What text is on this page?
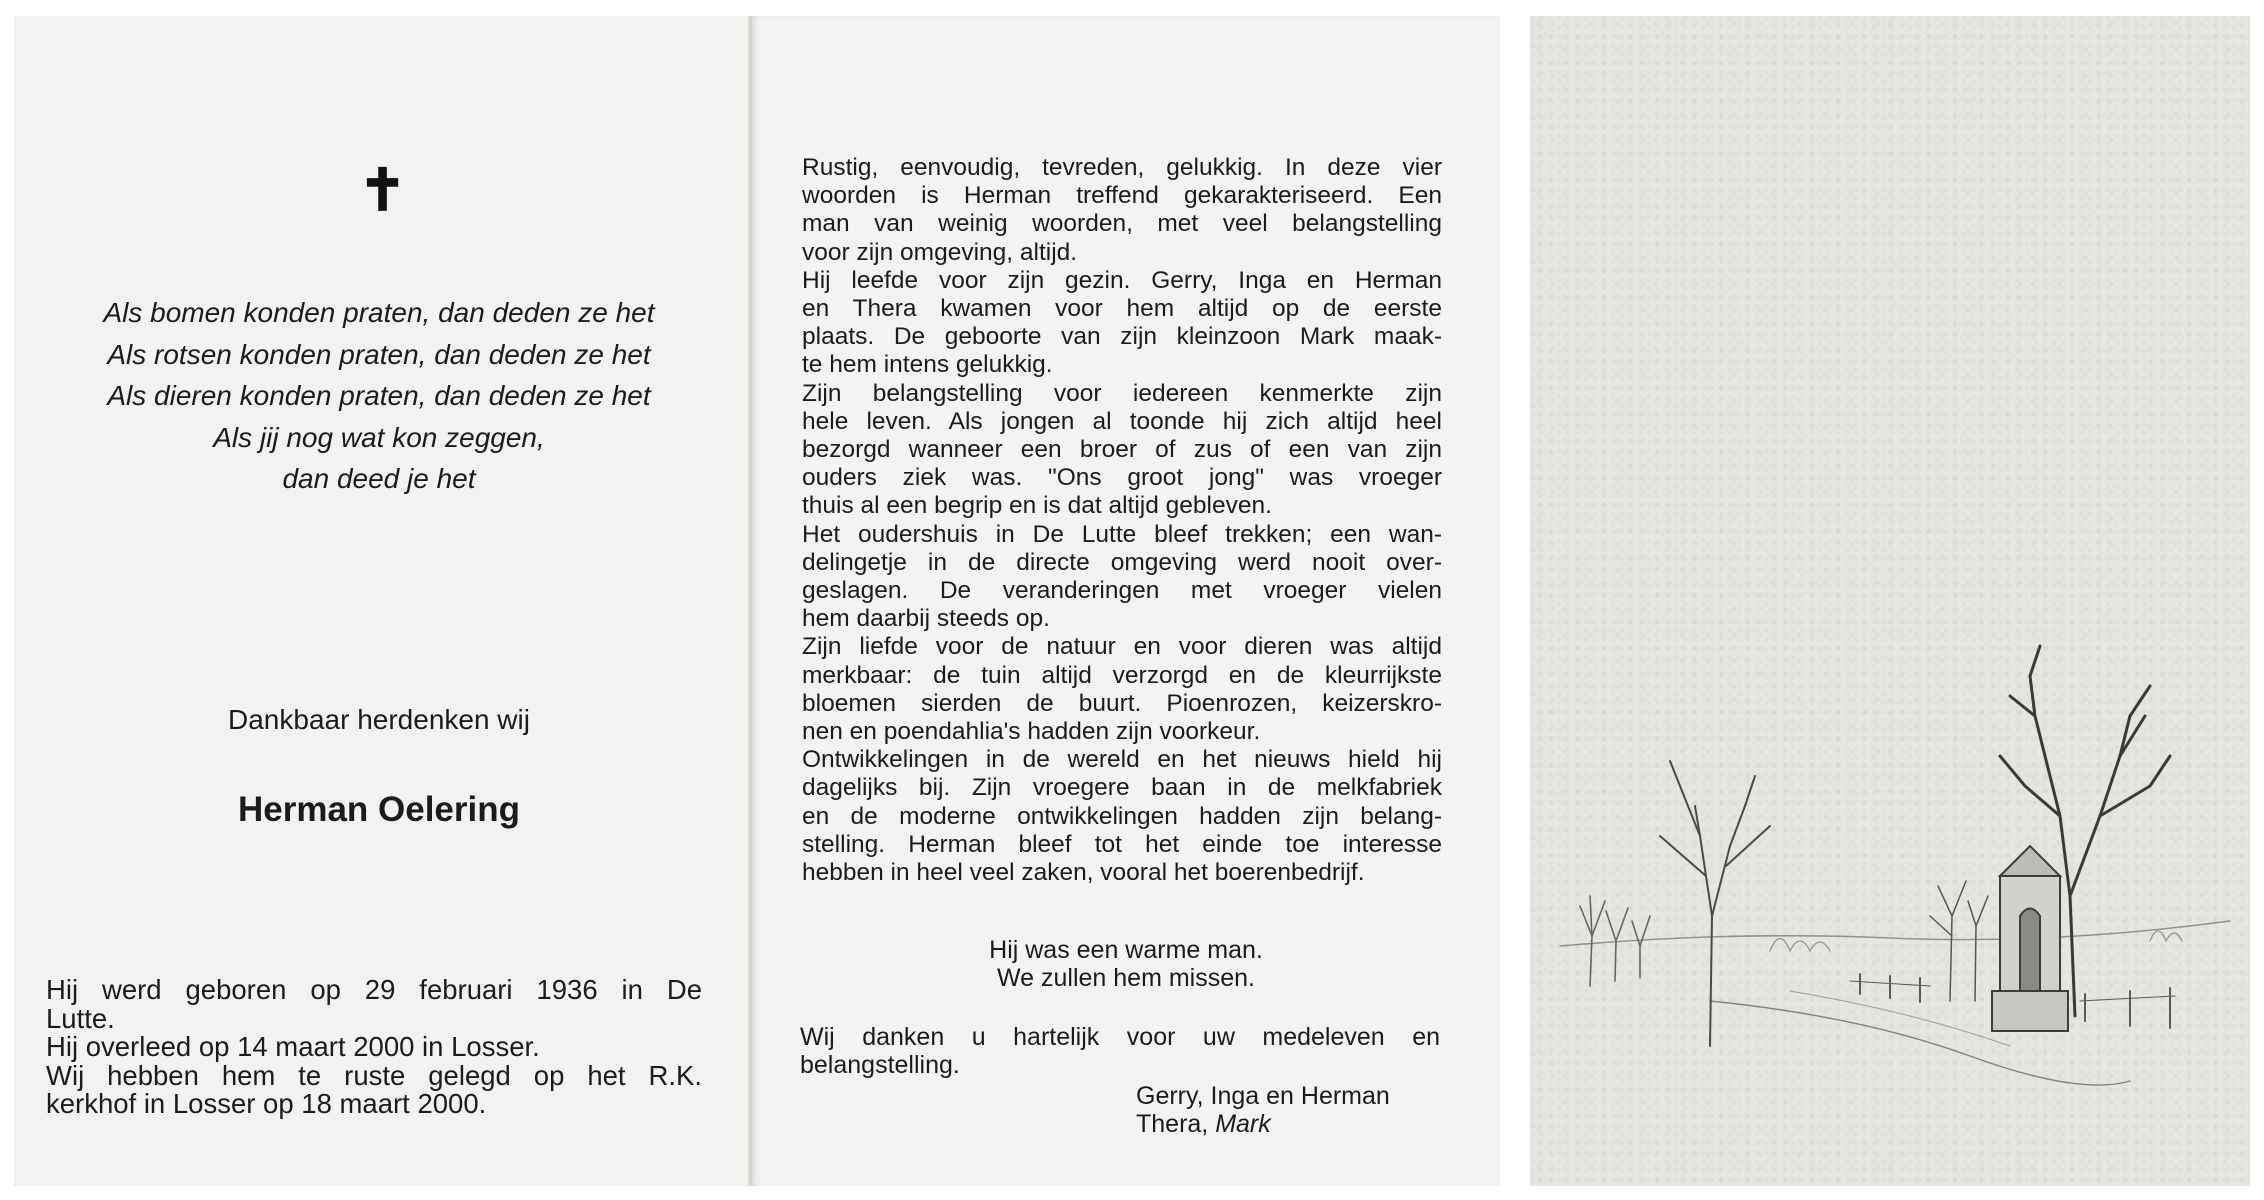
✝
Als bomen konden praten, dan deden ze het
Als rotsen konden praten, dan deden ze het
Als dieren konden praten, dan deden ze het
Als jij nog wat kon zeggen,
dan deed je het
Dankbaar herdenken wij
Herman Oelering

Hij werd geboren op 29 februari 1936 in De

Lutte.

Hij overleed op 14 maart 2000 in Losser.

Wij hebben hem te ruste gelegd op het R.K.

kerkhof in Losser op 18 maart 2000.

Rustig, eenvoudig, tevreden, gelukkig. In deze vier
woorden is Herman treffend gekarakteriseerd. Een
man van weinig woorden, met veel belangstelling
voor zijn omgeving, altijd.
Hij leefde voor zijn gezin. Gerry, Inga en Herman
en Thera kwamen voor hem altijd op de eerste
plaats. De geboorte van zijn kleinzoon Mark maak-
te hem intens gelukkig.
Zijn belangstelling voor iedereen kenmerkte zijn
hele leven. Als jongen al toonde hij zich altijd heel
bezorgd wanneer een broer of zus of een van zijn
ouders ziek was. "Ons groot jong" was vroeger
thuis al een begrip en is dat altijd gebleven.
Het oudershuis in De Lutte bleef trekken; een wan-
delingetje in de directe omgeving werd nooit over-
geslagen. De veranderingen met vroeger vielen
hem daarbij steeds op.
Zijn liefde voor de natuur en voor dieren was altijd
merkbaar: de tuin altijd verzorgd en de kleurrijkste
bloemen sierden de buurt. Pioenrozen, keizerskro-
nen en poendahlia's hadden zijn voorkeur.
Ontwikkelingen in de wereld en het nieuws hield hij
dagelijks bij. Zijn vroegere baan in de melkfabriek
en de moderne ontwikkelingen hadden zijn belang-
stelling. Herman bleef tot het einde toe interesse
hebben in heel veel zaken, vooral het boerenbedrijf.
Hij was een warme man.
We zullen hem missen.
Wij danken u hartelijk voor uw medeleven en
belangstelling.
Gerry, Inga en Herman
Thera, Mark
